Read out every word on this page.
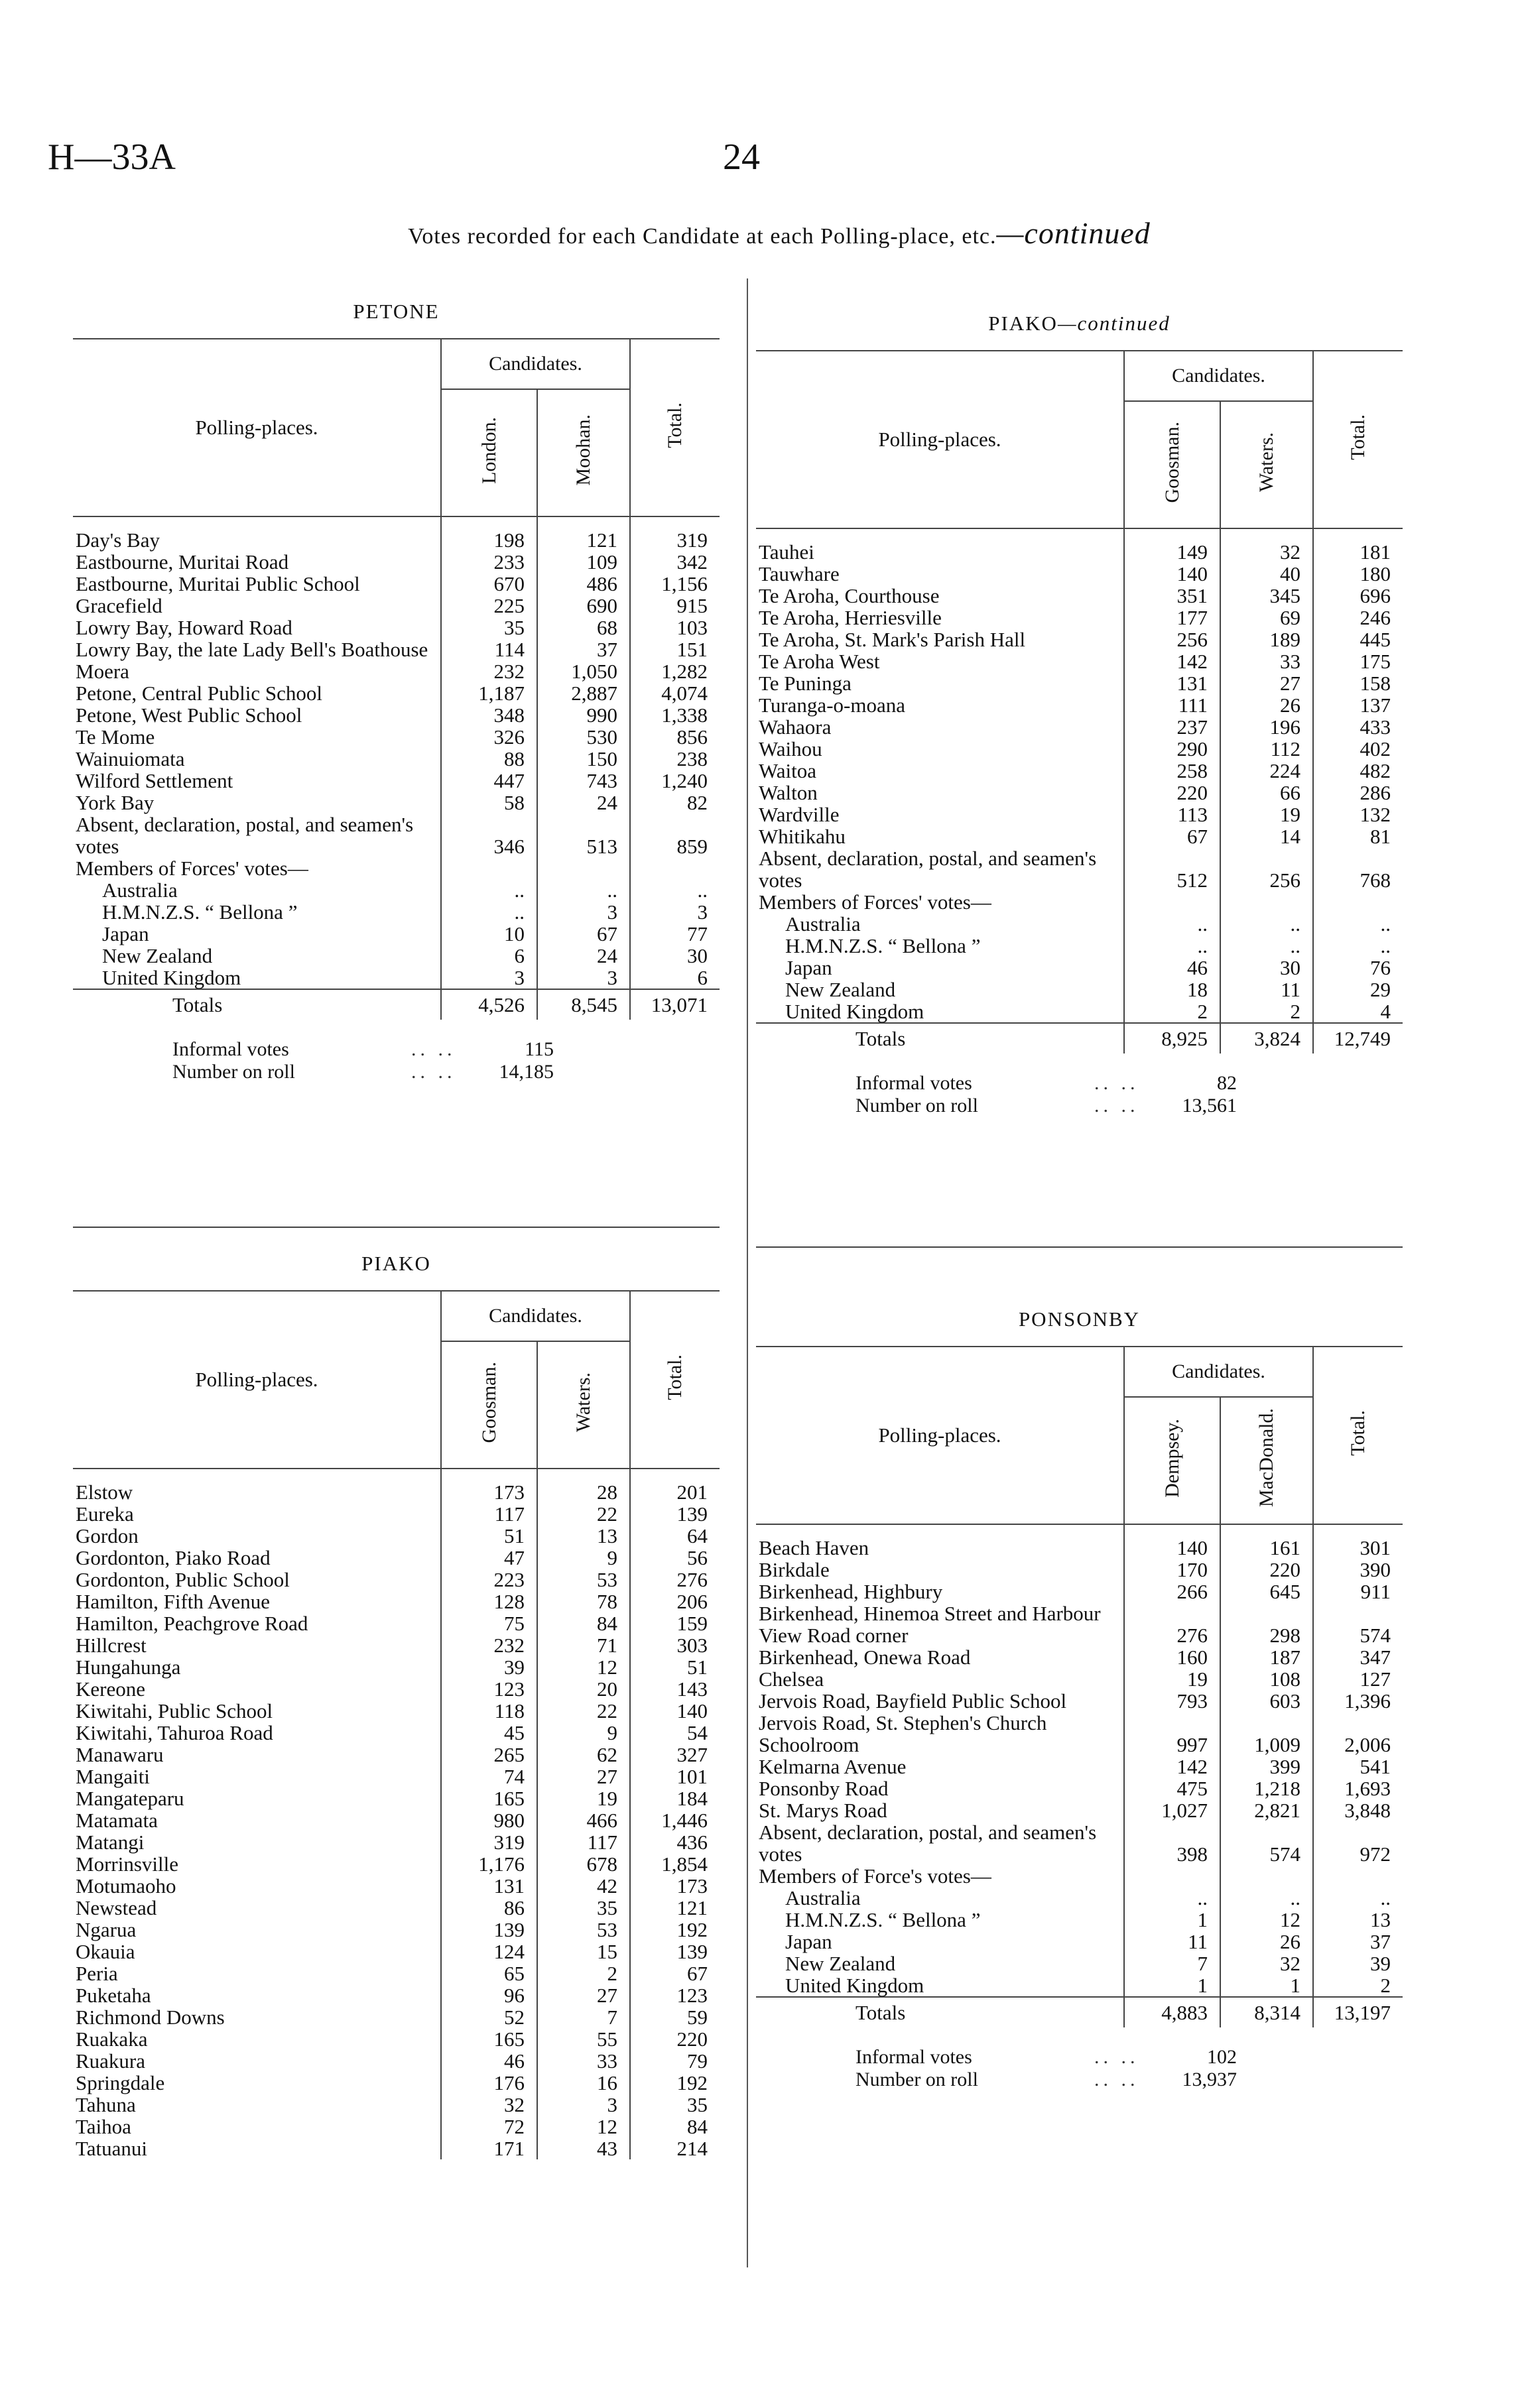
H—33A	24
Votes recorded for each Candidate at each Polling-place, etc.—continued
PETONE
Polling-places.	Candidates.		Total.
	London.	Moohan.	
Day's Bay	198	121	319
Eastbourne, Muritai Road	233	109	342
Eastbourne, Muritai Public School	670	486	1,156
Gracefield	225	690	915
Lowry Bay, Howard Road	35	68	103
Lowry Bay, the late Lady Bell's Boathouse	114	37	151
Moera	232	1,050	1,282
Petone, Central Public School	1,187	2,887	4,074
Petone, West Public School	348	990	1,338
Te Mome	326	530	856
Wainuiomata	88	150	238
Wilford Settlement	447	743	1,240
York Bay	58	24	82
Absent, declaration, postal, and seamen's votes	346	513	859
Members of Forces' votes—			
Australia	..	..	..
H.M.N.Z.S. “ Bellona ”	..	3	3
Japan	10	67	77
New Zealand	6	24	30
United Kingdom	3	3	6
Totals	4,526	8,545	13,071
Informal votes	.. ..	115
Number on roll	.. ..	14,185
PIAKO
Polling-places.	Candidates.		Total.
	Goosman.	Waters.	
Elstow	173	28	201
Eureka	117	22	139
Gordon	51	13	64
Gordonton, Piako Road	47	9	56
Gordonton, Public School	223	53	276
Hamilton, Fifth Avenue	128	78	206
Hamilton, Peachgrove Road	75	84	159
Hillcrest	232	71	303
Hungahunga	39	12	51
Kereone	123	20	143
Kiwitahi, Public School	118	22	140
Kiwitahi, Tahuroa Road	45	9	54
Manawaru	265	62	327
Mangaiti	74	27	101
Mangateparu	165	19	184
Matamata	980	466	1,446
Matangi	319	117	436
Morrinsville	1,176	678	1,854
Motumaoho	131	42	173
Newstead	86	35	121
Ngarua	139	53	192
Okauia	124	15	139
Peria	65	2	67
Puketaha	96	27	123
Richmond Downs	52	7	59
Ruakaka	165	55	220
Ruakura	46	33	79
Springdale	176	16	192
Tahuna	32	3	35
Taihoa	72	12	84
Tatuanui	171	43	214
PIAKO—continued
Polling-places.	Candidates.		Total.
	Goosman.	Waters.	
Tauhei	149	32	181
Tauwhare	140	40	180
Te Aroha, Courthouse	351	345	696
Te Aroha, Herriesville	177	69	246
Te Aroha, St. Mark's Parish Hall	256	189	445
Te Aroha West	142	33	175
Te Puninga	131	27	158
Turanga-o-moana	111	26	137
Wahaora	237	196	433
Waihou	290	112	402
Waitoa	258	224	482
Walton	220	66	286
Wardville	113	19	132
Whitikahu	67	14	81
Absent, declaration, postal, and seamen's votes	512	256	768
Members of Forces' votes—			
Australia	..	..	..
H.M.N.Z.S. “ Bellona ”	..	..	..
Japan	46	30	76
New Zealand	18	11	29
United Kingdom	2	2	4
Totals	8,925	3,824	12,749
Informal votes	.. ..	82
Number on roll	.. ..	13,561
PONSONBY
Polling-places.	Candidates.		Total.
	Dempsey.	MacDonald.	
Beach Haven	140	161	301
Birkdale	170	220	390
Birkenhead, Highbury	266	645	911
Birkenhead, Hinemoa Street and Harbour View Road corner	276	298	574
Birkenhead, Onewa Road	160	187	347
Chelsea	19	108	127
Jervois Road, Bayfield Public School	793	603	1,396
Jervois Road, St. Stephen's Church Schoolroom	997	1,009	2,006
Kelmarna Avenue	142	399	541
Ponsonby Road	475	1,218	1,693
St. Marys Road	1,027	2,821	3,848
Absent, declaration, postal, and seamen's votes	398	574	972
Members of Force's votes—			
Australia	..	..	..
H.M.N.Z.S. “ Bellona ”	1	12	13
Japan	11	26	37
New Zealand	7	32	39
United Kingdom	1	1	2
Totals	4,883	8,314	13,197
Informal votes	.. ..	102
Number on roll	.. ..	13,937
